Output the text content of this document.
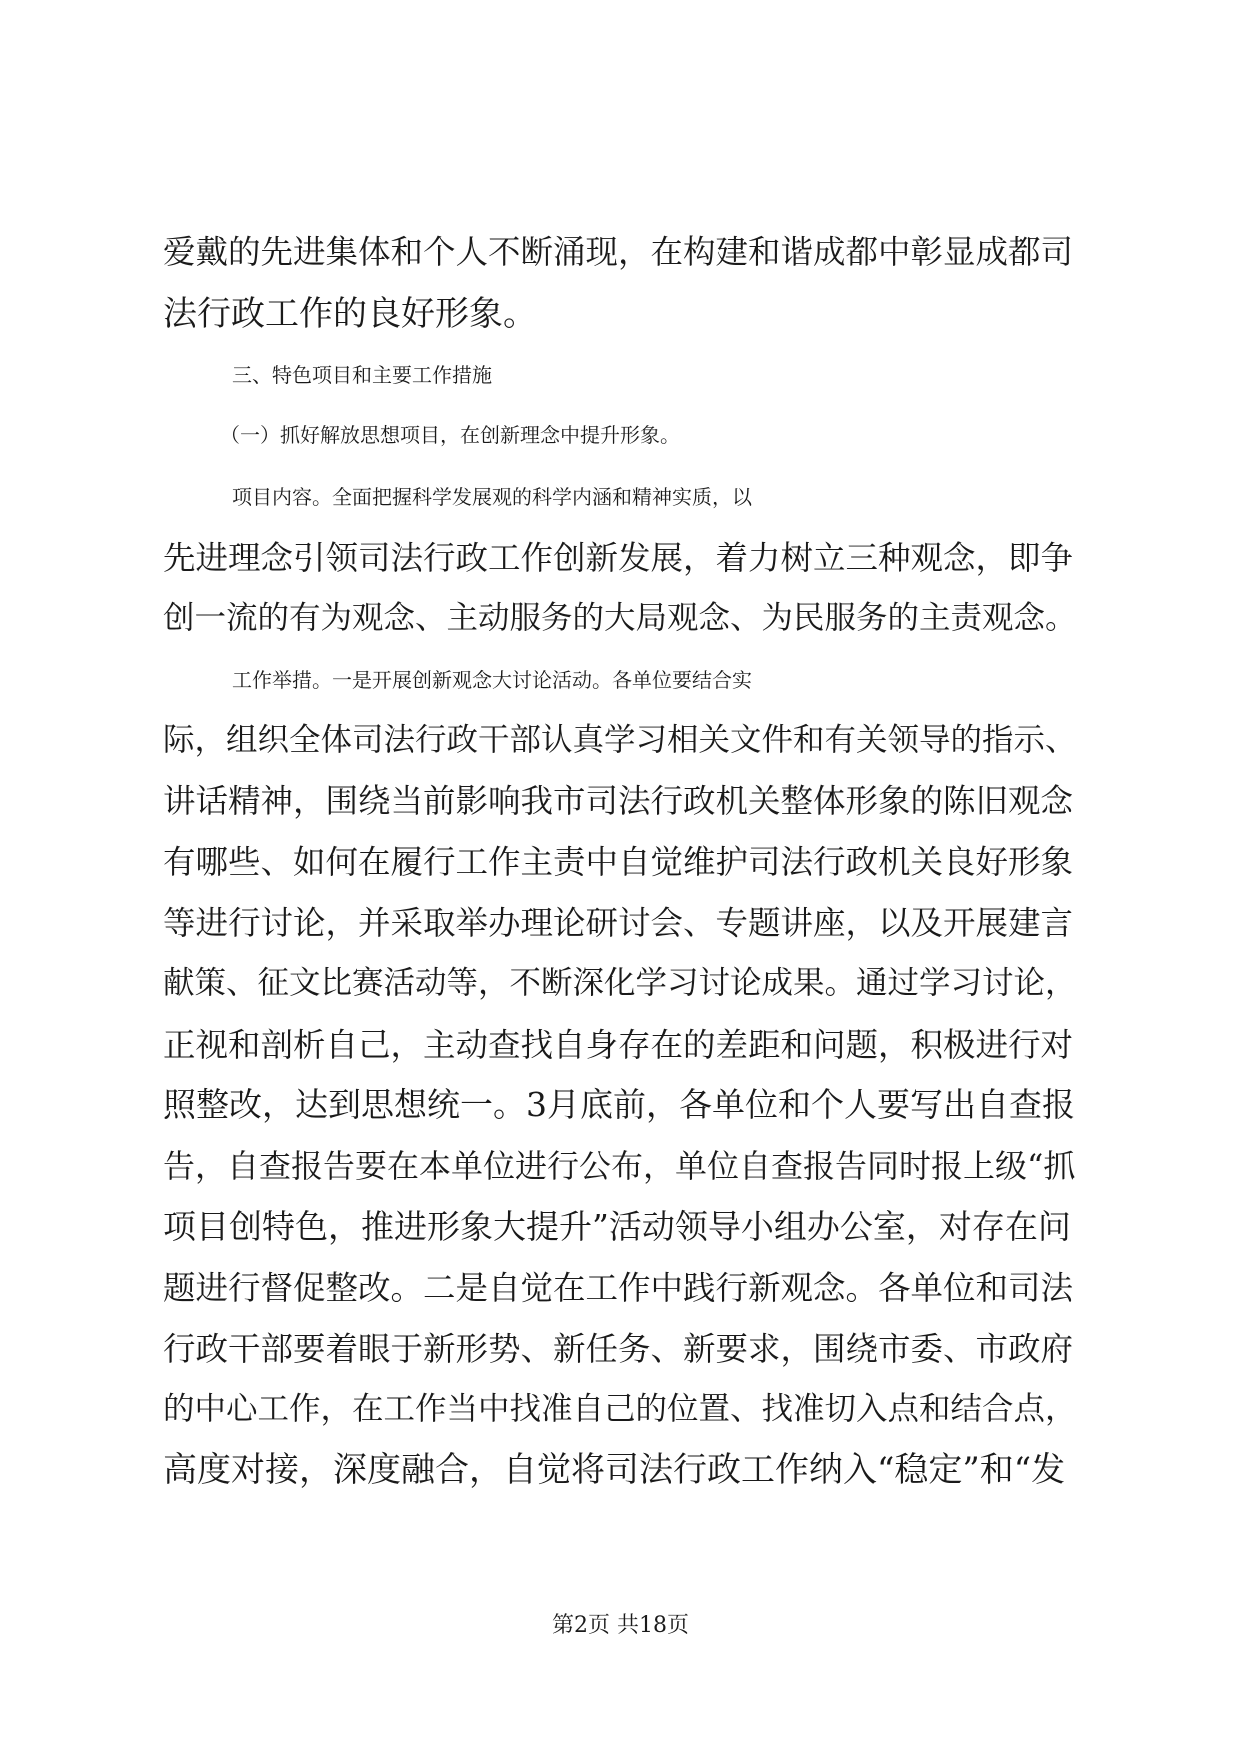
爱戴的先进集体和个人不断涌现，在构建和谐成都中彰显成都司
法行政工作的良好形象。
三、特色项目和主要工作措施
（一）抓好解放思想项目，在创新理念中提升形象。
项目内容。全面把握科学发展观的科学内涵和精神实质，以
先进理念引领司法行政工作创新发展，着力树立三种观念，即争
创一流的有为观念、主动服务的大局观念、为民服务的主责观念。
工作举措。一是开展创新观念大讨论活动。各单位要结合实
际，组织全体司法行政干部认真学习相关文件和有关领导的指示、
讲话精神，围绕当前影响我市司法行政机关整体形象的陈旧观念
有哪些、如何在履行工作主责中自觉维护司法行政机关良好形象
等进行讨论，并采取举办理论研讨会、专题讲座，以及开展建言
献策、征文比赛活动等，不断深化学习讨论成果。通过学习讨论，
正视和剖析自己，主动查找自身存在的差距和问题，积极进行对
照整改，达到思想统一。3月底前，各单位和个人要写出自查报
告，自查报告要在本单位进行公布，单位自查报告同时报上级“抓
项目创特色，推进形象大提升”活动领导小组办公室，对存在问
题进行督促整改。二是自觉在工作中践行新观念。各单位和司法
行政干部要着眼于新形势、新任务、新要求，围绕市委、市政府
的中心工作，在工作当中找准自己的位置、找准切入点和结合点，
高度对接，深度融合，自觉将司法行政工作纳入“稳定”和“发
第2页 共18页
